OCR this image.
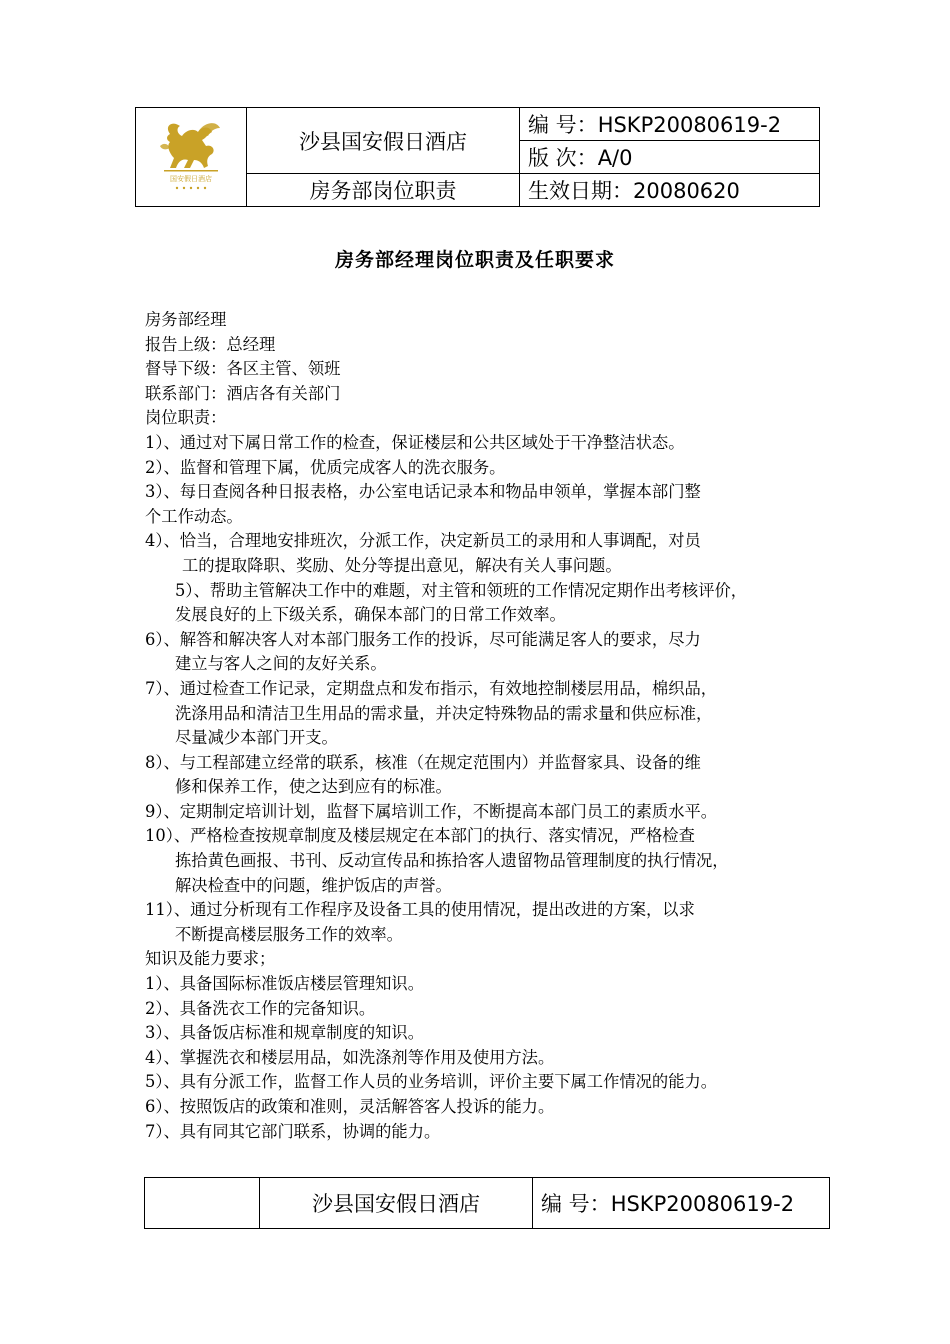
国安假日酒店	沙县国安假日酒店	编 号：HSKP20080619-2
		版 次：A/0
	房务部岗位职责	生效日期：20080620
房务部经理岗位职责及任职要求
房务部经理
报告上级：总经理
督导下级：各区主管、领班
联系部门：酒店各有关部门
岗位职责：
1）、通过对下属日常工作的检查，保证楼层和公共区域处于干净整洁状态。
2）、监督和管理下属，优质完成客人的洗衣服务。
3）、每日查阅各种日报表格，办公室电话记录本和物品申领单，掌握本部门整
个工作动态。
4）、恰当，合理地安排班次，分派工作，决定新员工的录用和人事调配，对员
工的提取降职、奖励、处分等提出意见，解决有关人事问题。
5）、帮助主管解决工作中的难题，对主管和领班的工作情况定期作出考核评价，
发展良好的上下级关系，确保本部门的日常工作效率。
6）、解答和解决客人对本部门服务工作的投诉，尽可能满足客人的要求，尽力
建立与客人之间的友好关系。
7）、通过检查工作记录，定期盘点和发布指示，有效地控制楼层用品，棉织品，
洗涤用品和清洁卫生用品的需求量，并决定特殊物品的需求量和供应标准，
尽量减少本部门开支。
8）、与工程部建立经常的联系，核准（在规定范围内）并监督家具、设备的维
修和保养工作，使之达到应有的标准。
9）、定期制定培训计划，监督下属培训工作，不断提高本部门员工的素质水平。
10）、严格检查按规章制度及楼层规定在本部门的执行、落实情况，严格检查
拣拾黄色画报、书刊、反动宣传品和拣拾客人遗留物品管理制度的执行情况，
解决检查中的问题，维护饭店的声誉。
11）、通过分析现有工作程序及设备工具的使用情况，提出改进的方案，以求
不断提高楼层服务工作的效率。
知识及能力要求；
1）、具备国际标准饭店楼层管理知识。
2）、具备洗衣工作的完备知识。
3）、具备饭店标准和规章制度的知识。
4）、掌握洗衣和楼层用品，如洗涤剂等作用及使用方法。
5）、具有分派工作，监督工作人员的业务培训，评价主要下属工作情况的能力。
6）、按照饭店的政策和准则，灵活解答客人投诉的能力。
7）、具有同其它部门联系，协调的能力。
	沙县国安假日酒店	编 号：HSKP20080619-2
